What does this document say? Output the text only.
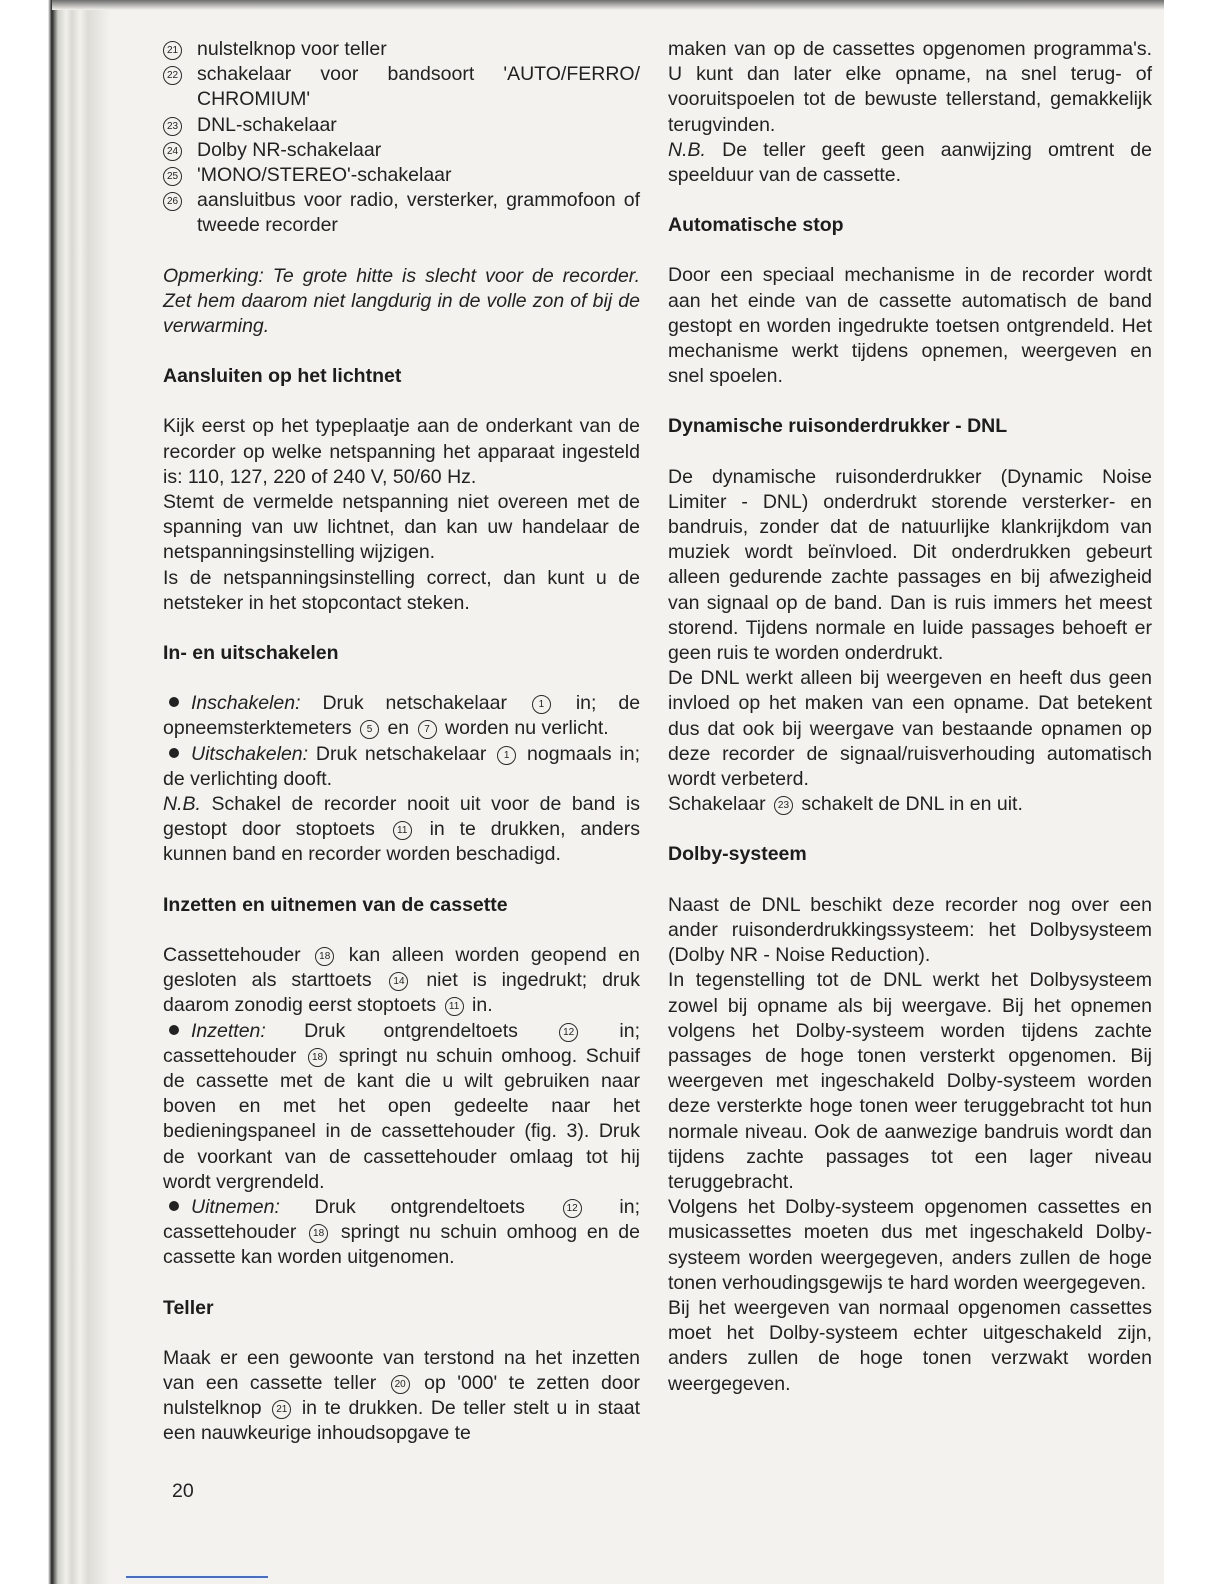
21 nulstelknop voor teller
22 schakelaar voor bandsoort 'AUTO/FERRO/ CHROMIUM'
23 DNL-schakelaar
24 Dolby NR-schakelaar
25 'MONO/STEREO'-schakelaar
26 aansluitbus voor radio, versterker, grammofoon of tweede recorder

Opmerking: Te grote hitte is slecht voor de recorder. Zet hem daarom niet langdurig in de volle zon of bij de verwarming.

Aansluiten op het lichtnet

Kijk eerst op het typeplaatje aan de onderkant van de recorder op welke netspanning het apparaat ingesteld is: 110, 127, 220 of 240 V, 50/60 Hz.

Stemt de vermelde netspanning niet overeen met de spanning van uw lichtnet, dan kan uw handelaar de netspanningsinstelling wijzigen.

Is de netspanningsinstelling correct, dan kunt u de netsteker in het stopcontact steken.

In- en uitschakelen

Inschakelen: Druk netschakelaar	1 in; de opneemsterktemeters 5 en 7 worden nu verlicht.

Uitschakelen: Druk netschakelaar 1 nogmaals in; de verlichting dooft.

N.B. Schakel de recorder nooit uit voor de band is gestopt door stoptoets 11 in te drukken, anders kunnen band en recorder worden beschadigd.

Inzetten en uitnemen van de cassette

Cassettehouder 18 kan alleen worden geopend en gesloten als starttoets 14 niet is ingedrukt; druk daarom zonodig eerst stoptoets 11 in.

Inzetten: Druk ontgrendeltoets	12 in; cassettehouder 18 springt nu schuin omhoog. Schuif de cassette met de kant die u wilt gebruiken naar boven en met het open gedeelte naar het bedieningspaneel in de cassettehouder (fig. 3). Druk de voorkant van de cassettehouder omlaag tot hij wordt vergrendeld.

Uitnemen: Druk ontgrendeltoets	12 in; cassettehouder 18 springt nu schuin omhoog en de cassette kan worden uitgenomen.

Teller

Maak er een gewoonte van terstond na het inzetten van een cassette teller 20 op '000' te zetten door nulstelknop 21 in te drukken. De teller stelt u in staat een nauwkeurige inhoudsopgave te

maken van op de cassettes opgenomen programma's. U kunt dan later elke opname, na snel terug- of vooruitspoelen tot de bewuste tellerstand, gemakkelijk terugvinden.

N.B. De teller geeft geen aanwijzing omtrent de speelduur van de cassette.

Automatische stop

Door een speciaal mechanisme in de recorder wordt aan het einde van de cassette automatisch de band gestopt en worden ingedrukte toetsen ontgrendeld. Het mechanisme werkt tijdens opnemen, weergeven en snel spoelen.

Dynamische ruisonderdrukker - DNL

De dynamische ruisonderdrukker (Dynamic Noise Limiter - DNL) onderdrukt storende versterker- en bandruis, zonder dat de natuurlijke klankrijkdom van muziek wordt beïnvloed. Dit onderdrukken gebeurt alleen gedurende zachte passages en bij afwezigheid van signaal op de band. Dan is ruis immers het meest storend. Tijdens normale en luide passages behoeft er geen ruis te worden onderdrukt.

De DNL werkt alleen bij weergeven en heeft dus geen invloed op het maken van een opname. Dat betekent dus dat ook bij weergave van bestaande opnamen op deze recorder de signaal/ruisverhouding automatisch wordt verbeterd.

Schakelaar 23 schakelt de DNL in en uit.

Dolby-systeem

Naast de DNL beschikt deze recorder nog over een ander ruisonderdrukkingssysteem: het Dolbysysteem (Dolby NR - Noise Reduction).

In tegenstelling tot de DNL werkt het Dolbysysteem zowel bij opname als bij weergave. Bij het opnemen volgens het Dolby-systeem worden tijdens zachte passages de hoge tonen versterkt opgenomen. Bij weergeven met ingeschakeld Dolby-systeem worden deze versterkte hoge tonen weer teruggebracht tot hun normale niveau. Ook de aanwezige bandruis wordt dan tijdens zachte passages tot een lager niveau teruggebracht.

Volgens het Dolby-systeem opgenomen cassettes en musicassettes moeten dus met ingeschakeld Dolby-systeem worden weergegeven, anders zullen de hoge tonen verhoudingsgewijs te hard worden weergegeven.

Bij het weergeven van normaal opgenomen cassettes moet het Dolby-systeem echter uitgeschakeld zijn, anders zullen de hoge tonen verzwakt worden weergegeven.

20
